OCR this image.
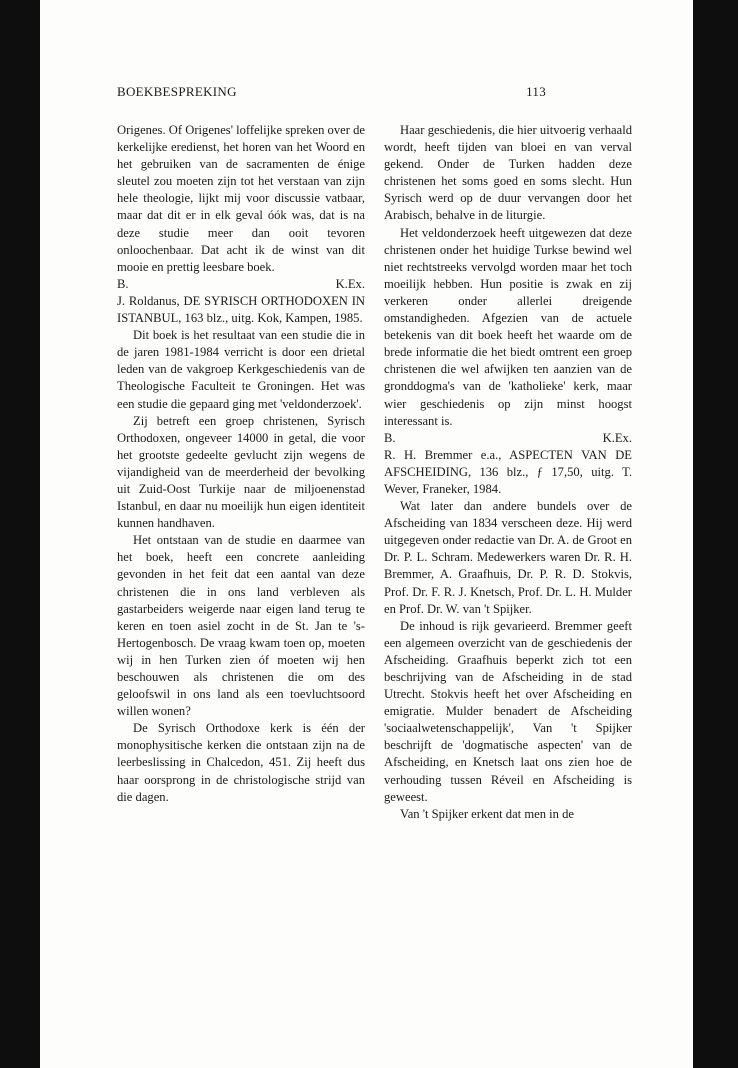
BOEKBESPREKING	113

Origenes. Of Origenes' loffelijke spreken over de kerkelijke eredienst, het horen van het Woord en het gebruiken van de sacramenten de énige sleutel zou moeten zijn tot het verstaan van zijn hele theologie, lijkt mij voor discussie vatbaar, maar dat dit er in elk geval óók was, dat is na deze studie meer dan ooit tevoren onloochenbaar. Dat acht ik de winst van dit mooie en prettig leesbare boek.

B.	K.Ex.

J. Roldanus, DE SYRISCH ORTHODOXEN IN ISTANBUL, 163 blz., uitg. Kok, Kampen, 1985.

Dit boek is het resultaat van een studie die in de jaren 1981-1984 verricht is door een drietal leden van de vakgroep Kerkgeschiedenis van de Theologische Faculteit te Groningen. Het was een studie die gepaard ging met 'veldonderzoek'.

Zij betreft een groep christenen, Syrisch Orthodoxen, ongeveer 14000 in getal, die voor het grootste gedeelte gevlucht zijn wegens de vijandigheid van de meerderheid der bevolking uit Zuid-Oost Turkije naar de miljoenenstad Istanbul, en daar nu moeilijk hun eigen identiteit kunnen handhaven.

Het ontstaan van de studie en daarmee van het boek, heeft een concrete aanleiding gevonden in het feit dat een aantal van deze christenen die in ons land verbleven als gastarbeiders weigerde naar eigen land terug te keren en toen asiel zocht in de St. Jan te 's-Hertogenbosch. De vraag kwam toen op, moeten wij in hen Turken zien óf moeten wij hen beschouwen als christenen die om des geloofswil in ons land als een toevluchtsoord willen wonen?

De Syrisch Orthodoxe kerk is één der monophysitische kerken die ontstaan zijn na de leerbeslissing in Chalcedon, 451. Zij heeft dus haar oorsprong in de christologische strijd van die dagen.

Haar geschiedenis, die hier uitvoerig verhaald wordt, heeft tijden van bloei en van verval gekend. Onder de Turken hadden deze christenen het soms goed en soms slecht. Hun Syrisch werd op de duur vervangen door het Arabisch, behalve in de liturgie.

Het veldonderzoek heeft uitgewezen dat deze christenen onder het huidige Turkse bewind wel niet rechtstreeks vervolgd worden maar het toch moeilijk hebben. Hun positie is zwak en zij verkeren onder allerlei dreigende omstandigheden. Afgezien van de actuele betekenis van dit boek heeft het waarde om de brede informatie die het biedt omtrent een groep christenen die wel afwijken ten aanzien van de gronddogma's van de 'katholieke' kerk, maar wier geschiedenis op zijn minst hoogst interessant is.

B.	K.Ex.

R. H. Bremmer e.a., ASPECTEN VAN DE AFSCHEIDING, 136 blz., ƒ 17,50, uitg. T. Wever, Franeker, 1984.

Wat later dan andere bundels over de Afscheiding van 1834 verscheen deze. Hij werd uitgegeven onder redactie van Dr. A. de Groot en Dr. P. L. Schram. Medewerkers waren Dr. R. H. Bremmer, A. Graafhuis, Dr. P. R. D. Stokvis, Prof. Dr. F. R. J. Knetsch, Prof. Dr. L. H. Mulder en Prof. Dr. W. van 't Spijker.

De inhoud is rijk gevarieerd. Bremmer geeft een algemeen overzicht van de geschiedenis der Afscheiding. Graafhuis beperkt zich tot een beschrijving van de Afscheiding in de stad Utrecht. Stokvis heeft het over Afscheiding en emigratie. Mulder benadert de Afscheiding 'sociaalwetenschappelijk', Van 't Spijker beschrijft de 'dogmatische aspecten' van de Afscheiding, en Knetsch laat ons zien hoe de verhouding tussen Réveil en Afscheiding is geweest.

Van 't Spijker erkent dat men in de
